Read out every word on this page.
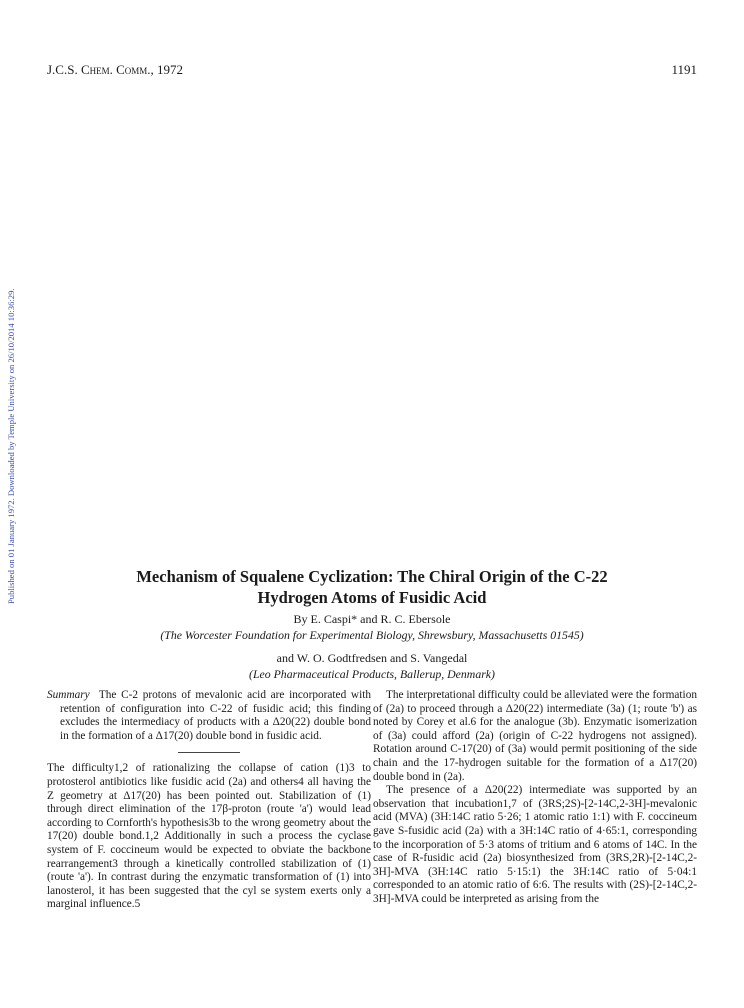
Published on 01 January 1972. Downloaded by Temple University on 26/10/2014 10:36:29.
J.C.S. Chem. Comm., 1972	1191
Mechanism of Squalene Cyclization: The Chiral Origin of the C-22
Hydrogen Atoms of Fusidic Acid
By E. Caspi* and R. C. Ebersole
(The Worcester Foundation for Experimental Biology, Shrewsbury, Massachusetts 01545)
and W. O. Godtfredsen and S. Vangedal
(Leo Pharmaceutical Products, Ballerup, Denmark)

Summary The C-2 protons of mevalonic acid are incorporated with retention of configuration into C-22 of fusidic acid; this finding excludes the intermediacy of products with a Δ20(22) double bond in the formation of a Δ17(20) double bond in fusidic acid.

The difficulty1,2 of rationalizing the collapse of cation (1)3 to protosterol antibiotics like fusidic acid (2a) and others4 all having the Z geometry at Δ17(20) has been pointed out. Stabilization of (1) through direct elimination of the 17β-proton (route 'a') would lead according to Cornforth's hypothesis3b to the wrong geometry about the 17(20) double bond.1,2 Additionally in such a process the cyclase system of F. coccineum would be expected to obviate the backbone rearrangement3 through a kinetically controlled stabilization of (1) (route 'a'). In contrast during the enzymatic transformation of (1) into lanosterol, it has been suggested that the cyl se system exerts only a marginal influence.5

The interpretational difficulty could be alleviated were the formation of (2a) to proceed through a Δ20(22) intermediate (3a) (1; route 'b') as noted by Corey et al.6 for the analogue (3b). Enzymatic isomerization of (3a) could afford (2a) (origin of C-22 hydrogens not assigned). Rotation around C-17(20) of (3a) would permit positioning of the side chain and the 17-hydrogen suitable for the formation of a Δ17(20) double bond in (2a).

The presence of a Δ20(22) intermediate was supported by an observation that incubation1,7 of (3RS;2S)-[2-14C,2-3H]-mevalonic acid (MVA) (3H:14C ratio 5·26; 1 atomic ratio 1:1) with F. coccineum gave S-fusidic acid (2a) with a 3H:14C ratio of 4·65:1, corresponding to the incorporation of 5·3 atoms of tritium and 6 atoms of 14C. In the case of R-fusidic acid (2a) biosynthesized from (3RS,2R)-[2-14C,2-3H]-MVA (3H:14C ratio 5·15:1) the 3H:14C ratio of 5·04:1 corresponded to an atomic ratio of 6:6. The results with (2S)-[2-14C,2-3H]-MVA could be interpreted as arising from the
